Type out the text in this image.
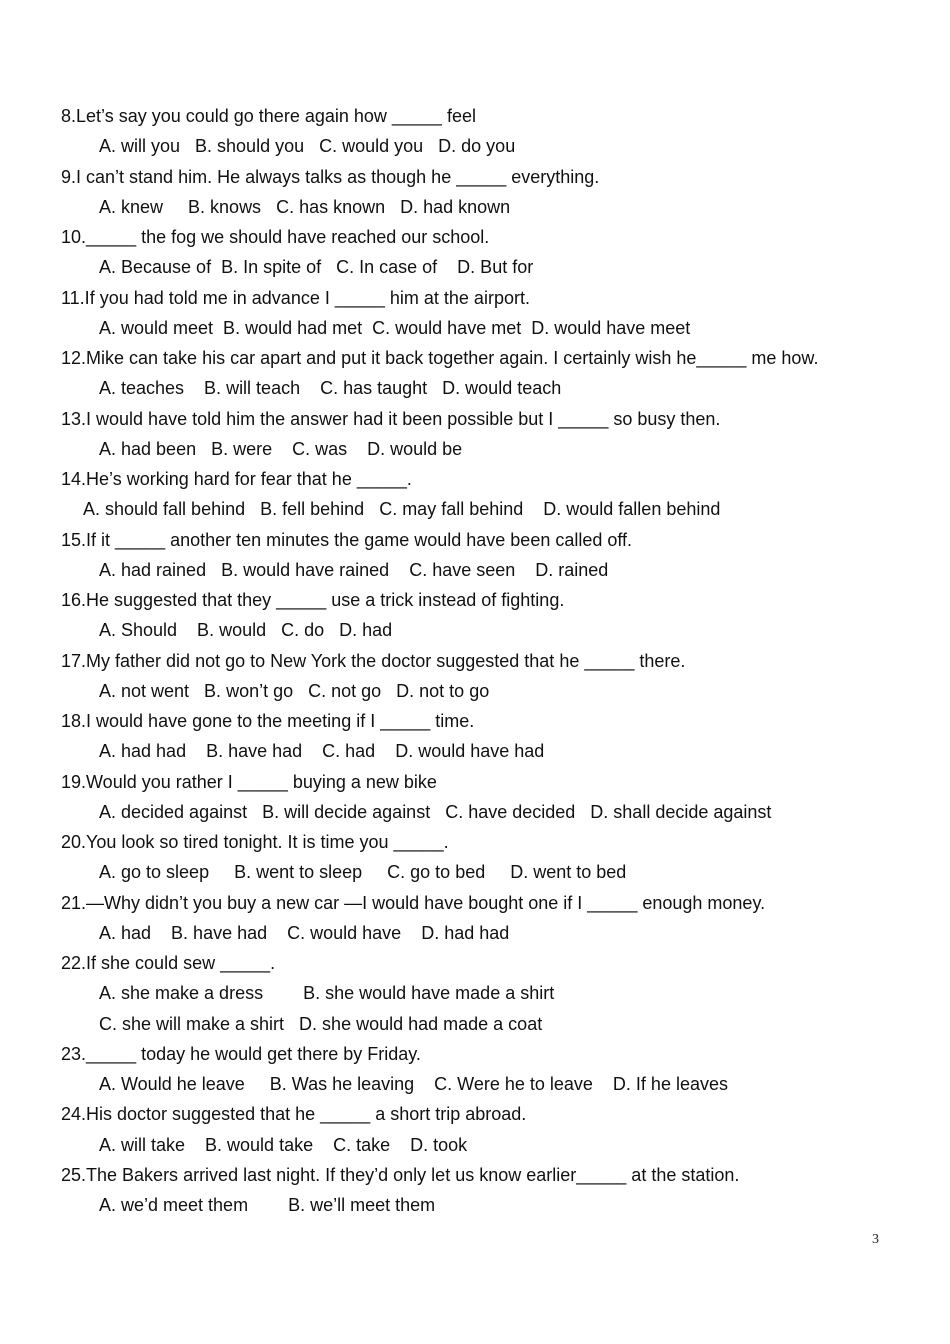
8.Let’s say you could go there again how _____ feel
A. will you   B. should you   C. would you   D. do you
9.I can’t stand him. He always talks as though he _____ everything.
A. knew     B. knows   C. has known   D. had known
10._____ the fog we should have reached our school.
A. Because of  B. In spite of   C. In case of    D. But for
11.If you had told me in advance I _____ him at the airport.
A. would meet  B. would had met  C. would have met  D. would have meet
12.Mike can take his car apart and put it back together again. I certainly wish he_____ me how.
A. teaches    B. will teach    C. has taught   D. would teach
13.I would have told him the answer had it been possible but I _____ so busy then.
A. had been   B. were    C. was    D. would be
14.He’s working hard for fear that he _____.
A. should fall behind   B. fell behind   C. may fall behind    D. would fallen behind
15.If it _____ another ten minutes the game would have been called off.
A. had rained   B. would have rained    C. have seen    D. rained
16.He suggested that they _____ use a trick instead of fighting.
A. Should    B. would   C. do   D. had
17.My father did not go to New York the doctor suggested that he _____ there.
A. not went   B. won’t go   C. not go   D. not to go
18.I would have gone to the meeting if I _____ time.
A. had had    B. have had    C. had    D. would have had
19.Would you rather I _____ buying a new bike
A. decided against   B. will decide against   C. have decided   D. shall decide against
20.You look so tired tonight. It is time you _____.
A. go to sleep     B. went to sleep     C. go to bed     D. went to bed
21.—Why didn’t you buy a new car —I would have bought one if I _____ enough money.
A. had    B. have had    C. would have    D. had had
22.If she could sew _____.
A. she make a dress        B. she would have made a shirt
C. she will make a shirt   D. she would had made a coat
23._____ today he would get there by Friday.
A. Would he leave     B. Was he leaving    C. Were he to leave    D. If he leaves
24.His doctor suggested that he _____ a short trip abroad.
A. will take    B. would take    C. take    D. took
25.The Bakers arrived last night. If they’d only let us know earlier_____ at the station.
A. we’d meet them        B. we’ll meet them
3
